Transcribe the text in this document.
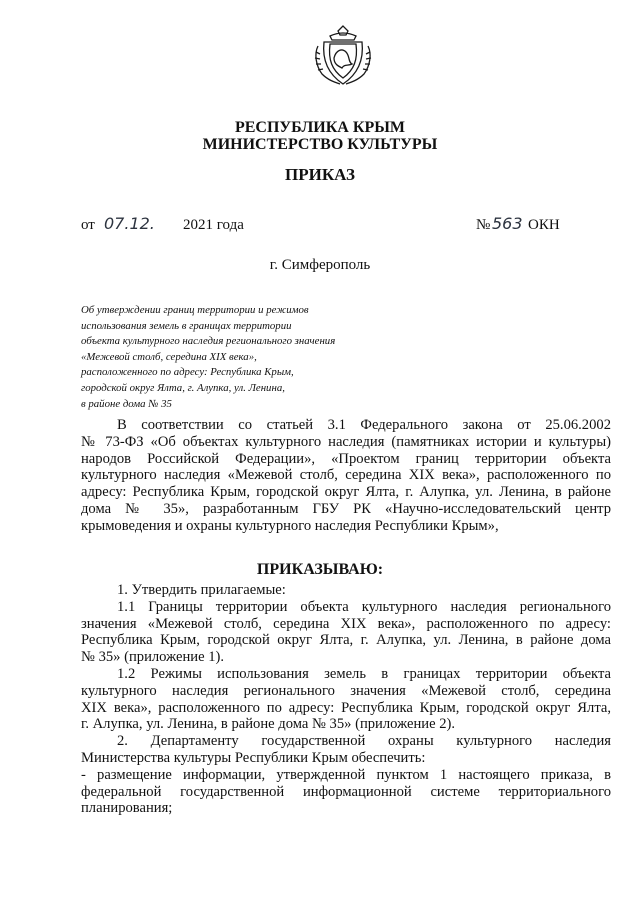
РЕСПУБЛИКА КРЫМ
МИНИСТЕРСТВО КУЛЬТУРЫ
ПРИКАЗ
от 07.12. 2021 года	№ 563 ОКН
г. Симферополь
Об утверждении границ территории и режимов
использования земель в границах территории
объекта культурного наследия регионального значения
«Межевой столб, середина XIX века»,
расположенного по адресу: Республика Крым,
городской округ Ялта, г. Алупка, ул. Ленина,
в районе дома № 35
В соответствии со статьей 3.1 Федерального закона от 25.06.2002
№ 73-ФЗ «Об объектах культурного наследия (памятниках истории и культуры)
народов Российской Федерации», «Проектом границ территории объекта
культурного наследия «Межевой столб, середина XIX века», расположенного по
адресу: Республика Крым, городской округ Ялта, г. Алупка, ул. Ленина, в районе
дома № 35», разработанным ГБУ РК «Научно-исследовательский центр
крымоведения и охраны культурного наследия Республики Крым»,
ПРИКАЗЫВАЮ:
1. Утвердить прилагаемые:
1.1 Границы территории объекта культурного наследия регионального
значения «Межевой столб, середина XIX века», расположенного по адресу:
Республика Крым, городской округ Ялта, г. Алупка, ул. Ленина, в районе дома
№ 35» (приложение 1).
1.2 Режимы использования земель в границах территории объекта
культурного наследия регионального значения «Межевой столб, середина
XIX века», расположенного по адресу: Республика Крым, городской округ Ялта,
г. Алупка, ул. Ленина, в районе дома № 35» (приложение 2).
2. Департаменту государственной охраны культурного наследия
Министерства культуры Республики Крым обеспечить:
- размещение информации, утвержденной пунктом 1 настоящего приказа, в
федеральной государственной информационной системе территориального
планирования;
